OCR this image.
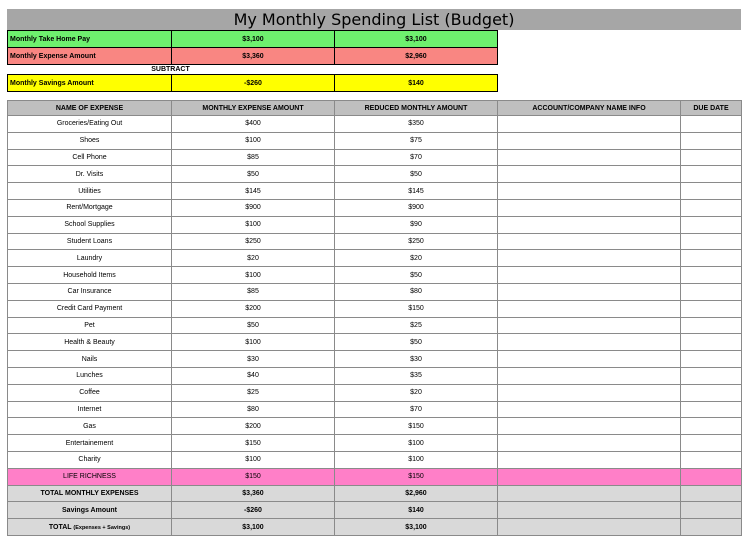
My Monthly Spending List (Budget)
Monthly Take Home Pay	$3,100	$3,100
Monthly Expense Amount	$3,360	$2,960
SUBTRACT
Monthly Savings Amount	-$260	$140
NAME OF EXPENSE	MONTHLY EXPENSE AMOUNT	REDUCED MONTHLY AMOUNT	ACCOUNT/COMPANY NAME INFO	DUE DATE
Groceries/Eating Out	$400	$350		
Shoes	$100	$75		
Cell Phone	$85	$70		
Dr. Visits	$50	$50		
Utilities	$145	$145		
Rent/Mortgage	$900	$900		
School Supplies	$100	$90		
Student Loans	$250	$250		
Laundry	$20	$20		
Household Items	$100	$50		
Car Insurance	$85	$80		
Credit Card Payment	$200	$150		
Pet	$50	$25		
Health & Beauty	$100	$50		
Nails	$30	$30		
Lunches	$40	$35		
Coffee	$25	$20		
Internet	$80	$70		
Gas	$200	$150		
Entertainement	$150	$100		
Charity	$100	$100		
LIFE RICHNESS	$150	$150		
TOTAL MONTHLY EXPENSES	$3,360	$2,960		
Savings Amount	-$260	$140		
TOTAL (Expenses + Savings)	$3,100	$3,100		
